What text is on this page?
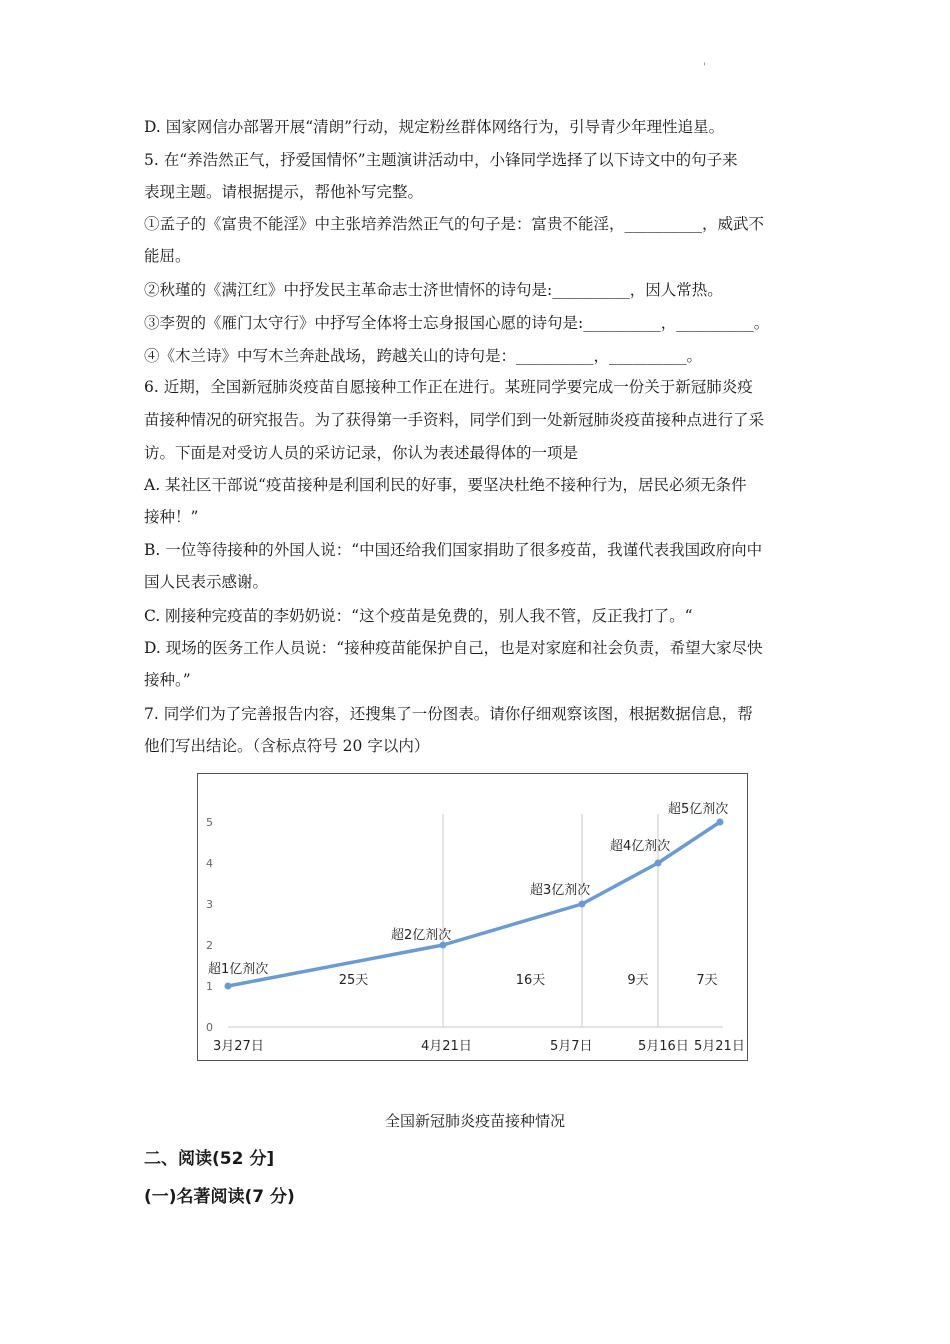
'
D. 国家网信办部署开展“清朗”行动，规定粉丝群体网络行为，引导青少年理性追星。
5. 在“养浩然正气，抒爱国情怀”主题演讲活动中，小锋同学选择了以下诗文中的句子来
表现主题。请根据提示，帮他补写完整。
①孟子的《富贵不能淫》中主张培养浩然正气的句子是：富贵不能淫，__________，威武不
能屈。
②秋瑾的《满江红》中抒发民主革命志士济世情怀的诗句是:__________，因人常热。
③李贺的《雁门太守行》中抒写全体将士忘身报国心愿的诗句是:__________，__________。
④《木兰诗》中写木兰奔赴战场，跨越关山的诗句是：__________，__________。
6. 近期，全国新冠肺炎疫苗自愿接种工作正在进行。某班同学要完成一份关于新冠肺炎疫
苗接种情况的研究报告。为了获得第一手资料，同学们到一处新冠肺炎疫苗接种点进行了采
访。下面是对受访人员的采访记录，你认为表述最得体的一项是
A. 某社区干部说“疫苗接种是利国利民的好事，要坚决杜绝不接种行为，居民必须无条件
接种！”
B. 一位等待接种的外国人说：“中国还给我们国家捐助了很多疫苗，我谨代表我国政府向中
国人民表示感谢。
C. 刚接种完疫苗的李奶奶说：“这个疫苗是免费的，别人我不管，反正我打了。“
D. 现场的医务工作人员说：“接种疫苗能保护自己，也是对家庭和社会负责，希望大家尽快
接种。”
7. 同学们为了完善报告内容，还搜集了一份图表。请你仔细观察该图，根据数据信息，帮
他们写出结论。（含标点符号 20 字以内）
0
1
2
3
4
5
超1亿剂次
超2亿剂次
超3亿剂次
超4亿剂次
超5亿剂次
3月27日	4月21日	5月7日	5月16日 5月21日
25天	16天	9天	7天
全国新冠肺炎疫苗接种情况
二、阅读(52 分]
(一)名著阅读(7 分)
